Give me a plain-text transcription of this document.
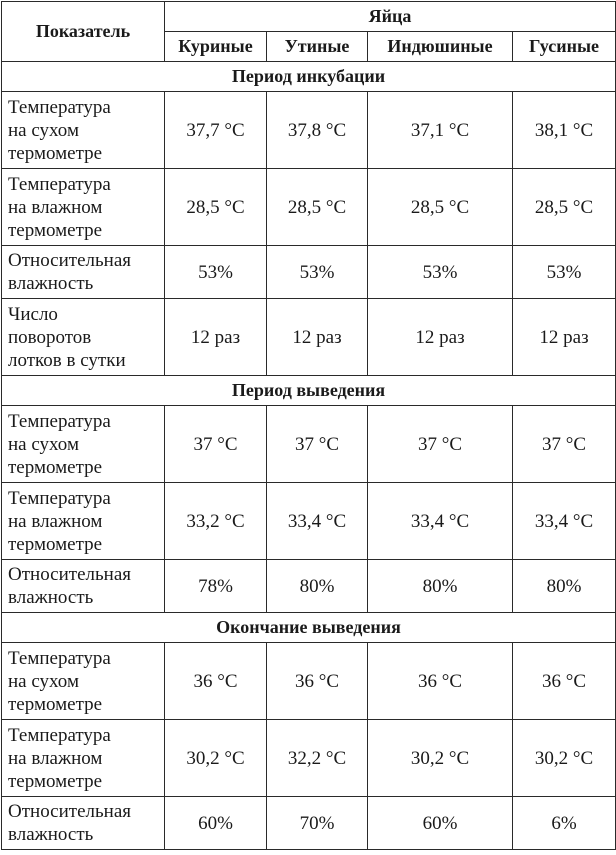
Показатель	Яйца			
	Куриные	Утиные	Индюшиные	Гусиные
Период инкубации				
Температура
на сухом
термометре	37,7 °C	37,8 °C	37,1 °C	38,1 °C
Температура
на влажном
термометре	28,5 °C	28,5 °C	28,5 °C	28,5 °C
Относительная
влажность	53%	53%	53%	53%
Число
поворотов
лотков в сутки	12 раз	12 раз	12 раз	12 раз
Период выведения				
Температура
на сухом
термометре	37 °C	37 °C	37 °C	37 °C
Температура
на влажном
термометре	33,2 °C	33,4 °C	33,4 °C	33,4 °C
Относительная
влажность	78%	80%	80%	80%
Окончание выведения				
Температура
на сухом
термометре	36 °C	36 °C	36 °C	36 °C
Температура
на влажном
термометре	30,2 °C	32,2 °C	30,2 °C	30,2 °C
Относительная
влажность	60%	70%	60%	6%
